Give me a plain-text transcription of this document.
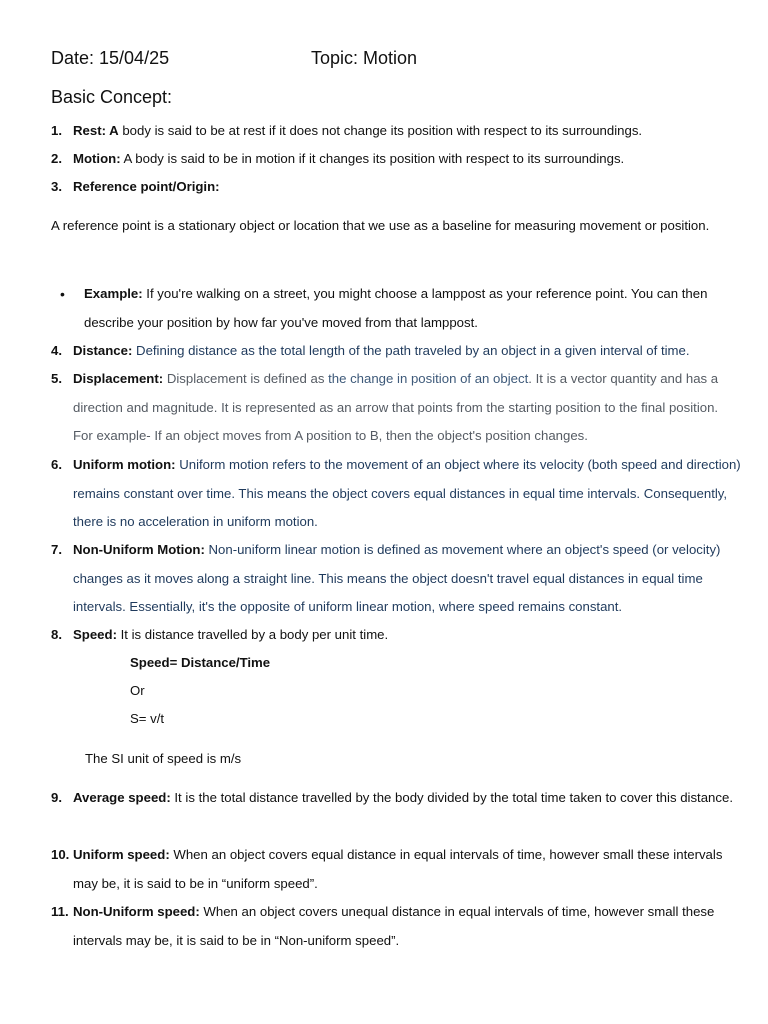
Date: 15/04/25	Topic: Motion
Basic Concept:
1. Rest: A body is said to be at rest if it does not change its position with respect to its surroundings.
2. Motion: A body is said to be in motion if it changes its position with respect to its surroundings.
3. Reference point/Origin:
A reference point is a stationary object or location that we use as a baseline for measuring movement or position.
• Example: If you're walking on a street, you might choose a lamppost as your reference point. You can then describe your position by how far you've moved from that lamppost.
4. Distance: Defining distance as the total length of the path traveled by an object in a given interval of time.
5. Displacement: Displacement is defined as the change in position of an object. It is a vector quantity and has a direction and magnitude. It is represented as an arrow that points from the starting position to the final position. For example- If an object moves from A position to B, then the object's position changes.
6. Uniform motion: Uniform motion refers to the movement of an object where its velocity (both speed and direction) remains constant over time. This means the object covers equal distances in equal time intervals. Consequently, there is no acceleration in uniform motion.
7. Non-Uniform Motion: Non-uniform linear motion is defined as movement where an object's speed (or velocity) changes as it moves along a straight line. This means the object doesn't travel equal distances in equal time intervals. Essentially, it's the opposite of uniform linear motion, where speed remains constant.
8. Speed: It is distance travelled by a body per unit time.
Speed= Distance/Time
Or
S= v/t
The SI unit of speed is m/s
9. Average speed: It is the total distance travelled by the body divided by the total time taken to cover this distance.
10. Uniform speed: When an object covers equal distance in equal intervals of time, however small these intervals may be, it is said to be in “uniform speed”.
11. Non-Uniform speed: When an object covers unequal distance in equal intervals of time, however small these intervals may be, it is said to be in “Non-uniform speed”.
